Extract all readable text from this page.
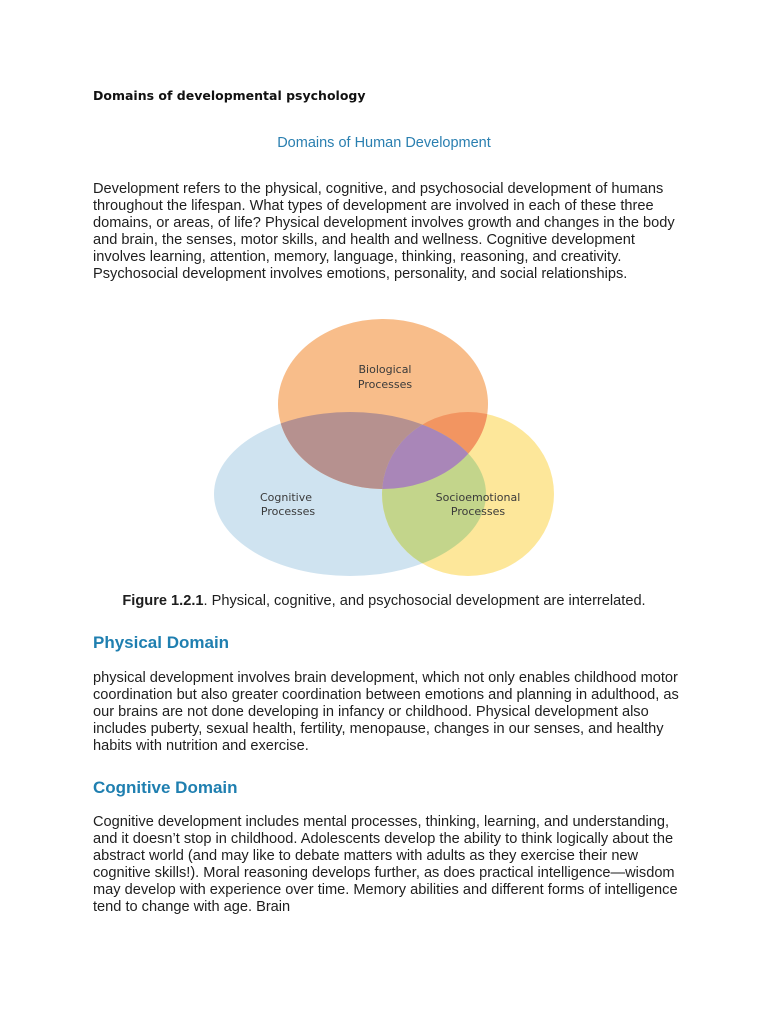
Domains of developmental psychology
Domains of Human Development
Development refers to the physical, cognitive, and psychosocial development of humans throughout the lifespan. What types of development are involved in each of these three domains, or areas, of life? Physical development involves growth and changes in the body and brain, the senses, motor skills, and health and wellness. Cognitive development involves learning, attention, memory, language, thinking, reasoning, and creativity. Psychosocial development involves emotions, personality, and social relationships.
Biological
Processes
Cognitive
Processes
Socioemotional
Processes
Figure 1.2.1. Physical, cognitive, and psychosocial development are interrelated.
Physical Domain
physical development involves brain development, which not only enables childhood motor coordination but also greater coordination between emotions and planning in adulthood, as our brains are not done developing in infancy or childhood. Physical development also includes puberty, sexual health, fertility, menopause, changes in our senses, and healthy habits with nutrition and exercise.
Cognitive Domain
Cognitive development includes mental processes, thinking, learning, and understanding, and it doesn’t stop in childhood. Adolescents develop the ability to think logically about the abstract world (and may like to debate matters with adults as they exercise their new cognitive skills!). Moral reasoning develops further, as does practical intelligence—wisdom may develop with experience over time. Memory abilities and different forms of intelligence tend to change with age. Brain
